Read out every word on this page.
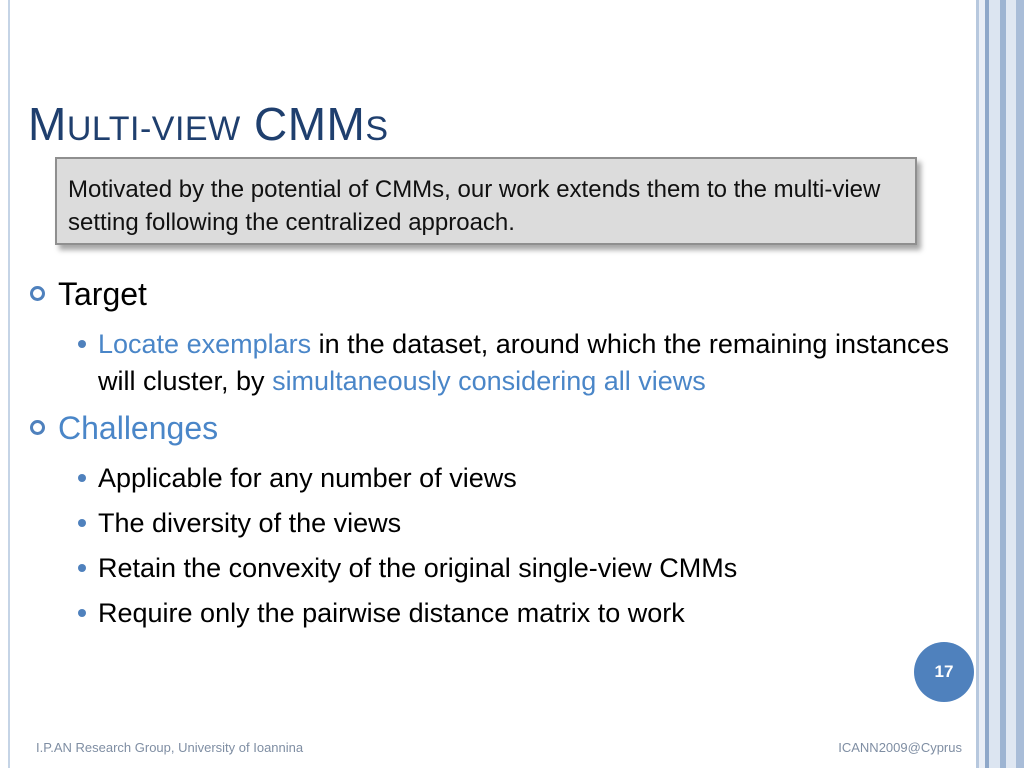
MULTI-VIEW CMMS
Motivated by the potential of CMMs, our work extends them to the multi-view setting following the centralized approach.
Target
Locate exemplars in the dataset, around which the remaining instances will cluster, by simultaneously considering all views
Challenges
Applicable for any number of views
The diversity of the views
Retain the convexity of the original single-view CMMs
Require only the pairwise distance matrix to work
17
I.P.AN Research Group, University of Ioannina	ICANN2009@Cyprus
